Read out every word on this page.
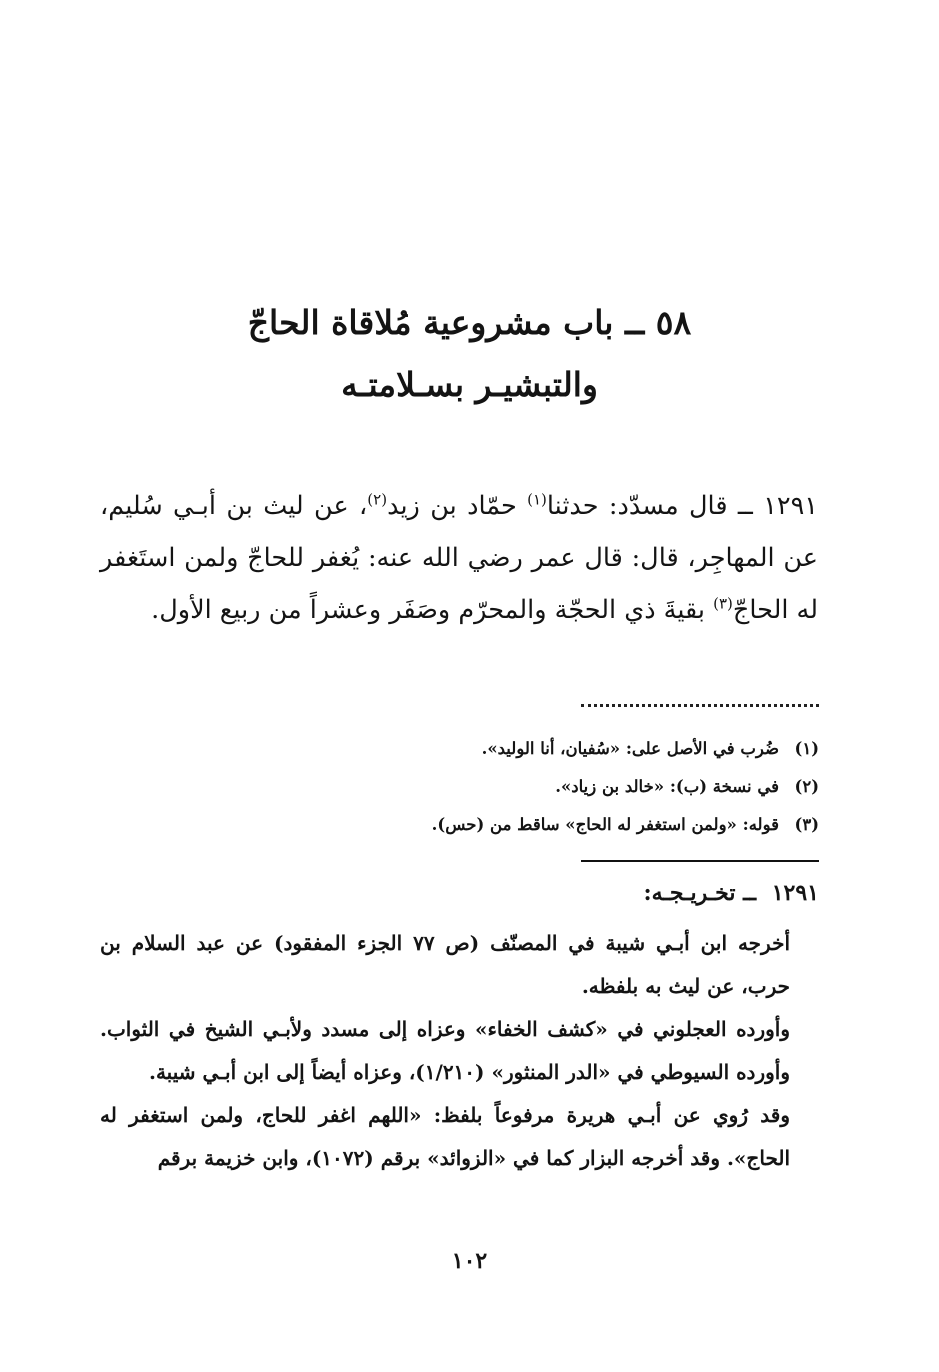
٥٨ ــ باب مشروعية مُلاقاة الحاجّ
والتبشيـر بسـلامتـه
١٢٩١ ــ قال مسدّد: حدثنا$^{(١)}$ حمّاد بن زيد$^{(٢)}$، عن ليث بن أبـي سُليم، عن المهاجِر، قال: قال عمر رضي الله عنه: يُغفر للحاجّ ولمن استَغفر له الحاجّ$^{(٣)}$ بقيةَ ذي الحجّة والمحرّم وصَفَر وعشراً من ربيع الأول.
(١)ضُرب في الأصل على: «سُفيان، أنا الوليد».
(٢)في نسخة (ب): «خالد بن زياد».
(٣)قوله: «ولمن استغفر له الحاج» ساقط من (حس).
١٢٩١ ــ تخـريـجـه:

أخرجه ابن أبـي شيبة في المصنّف (ص ٧٧ الجزء المفقود) عن عبد السلام بن حرب، عن ليث به بلفظه.

وأورده العجلوني في «كشف الخفاء» وعزاه إلى مسدد ولأبـي الشيخ في الثواب. وأورده السيوطي في «الدر المنثور» (١/٢١٠)، وعزاه أيضاً إلى ابن أبـي شيبة.

وقد رُوي عن أبـي هريرة مرفوعاً بلفظ: «اللهم اغفر للحاج، ولمن استغفر له الحاج». وقد أخرجه البزار كما في «الزوائد» برقم (١٠٧٢)، وابن خزيمة برقم

١٠٢
